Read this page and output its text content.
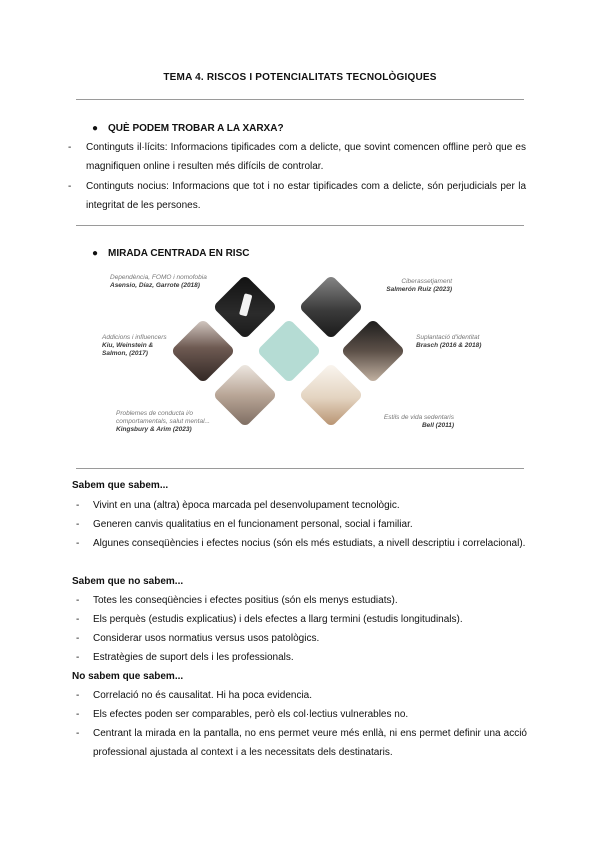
TEMA 4. RISCOS I POTENCIALITATS TECNOLÒGIQUES
● QUÈ PODEM TROBAR A LA XARXA?
- Continguts il·lícits: Informacions tipificades com a delicte, que sovint comencen offline però que es magnifiquen online i resulten més difícils de controlar.
- Continguts nocius: Informacions que tot i no estar tipificades com a delicte, són perjudicials per la integritat de les persones.
● MIRADA CENTRADA EN RISC
Dependència, FOMO i nomofobia
Asensio, Díaz, Garrote (2018)
Addicions i influencers
Kiu, Weinstein & Salmon, (2017)
Problemes de conducta i/o comportamentals, salut mental...
Kingsbury & Arim (2023)
Ciberassetjament
Salmerón Ruiz (2023)
Suplantació d'identitat
Brasch (2016 & 2018)
Estils de vida sedentaris
Bell (2011)
Sabem que sabem...
- Vivint en una (altra) època marcada pel desenvolupament tecnològic.
- Generen canvis qualitatius en el funcionament personal, social i familiar.
- Algunes conseqüències i efectes nocius (són els més estudiats, a nivell descriptiu i correlacional).
Sabem que no sabem...
- Totes les conseqüències i efectes positius (són els menys estudiats).
- Els perquès (estudis explicatius) i dels efectes a llarg termini (estudis longitudinals).
- Considerar usos normatius versus usos patològics.
- Estratègies de suport dels i les professionals.
No sabem que sabem...
- Correlació no és causalitat. Hi ha poca evidencia.
- Els efectes poden ser comparables, però els col·lectius vulnerables no.
- Centrant la mirada en la pantalla, no ens permet veure més enllà, ni ens permet definir una acció professional ajustada al context i a les necessitats dels destinataris.
